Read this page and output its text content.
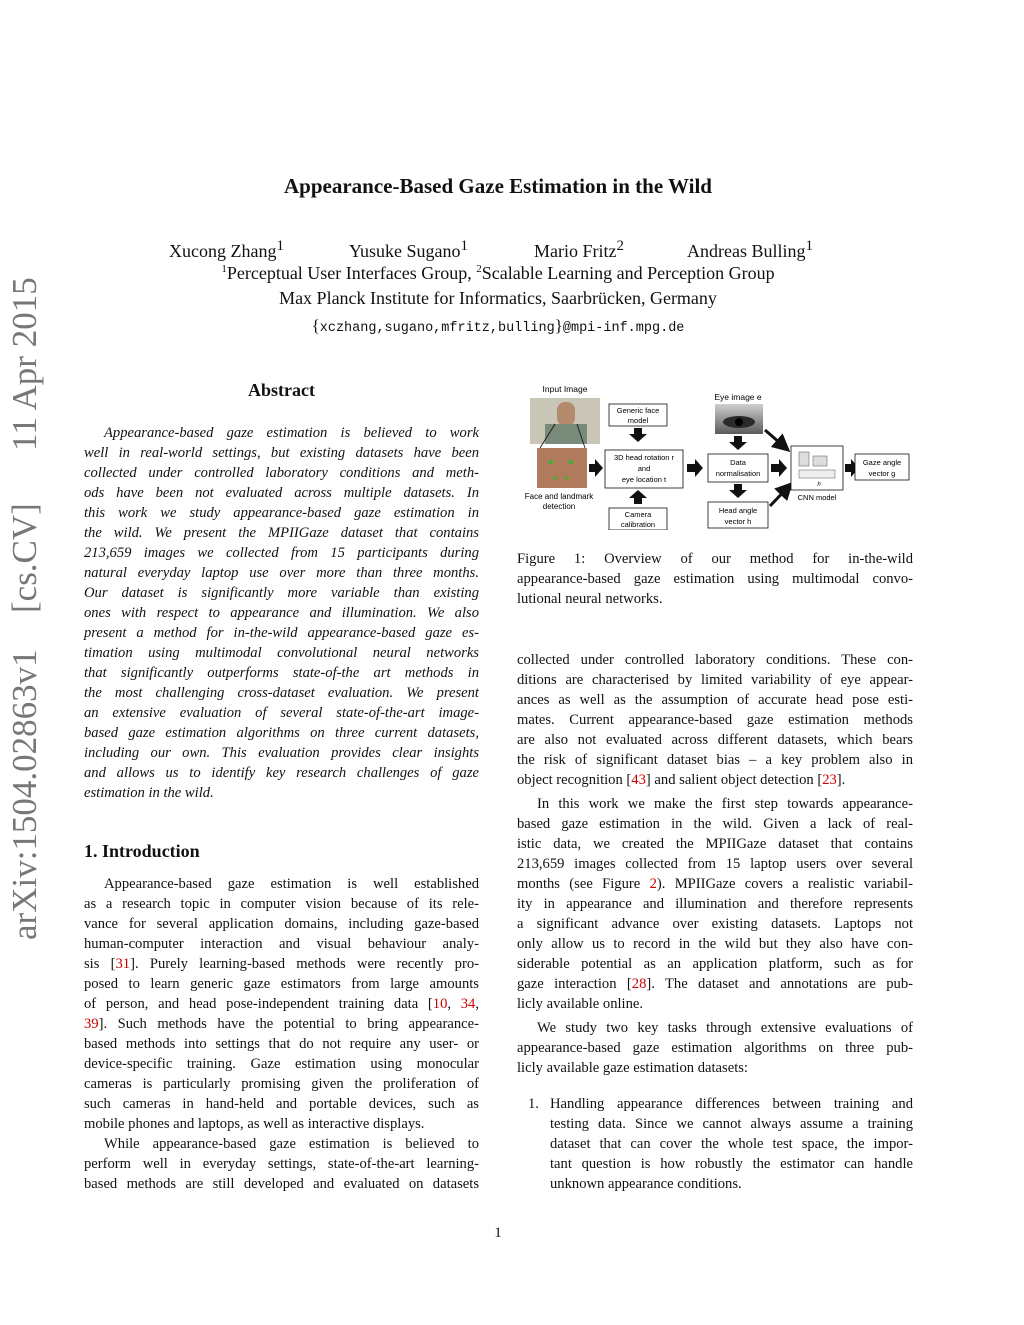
Appearance-Based Gaze Estimation in the Wild
Xucong Zhang$^1$	Yusuke Sugano$^1$	Mario Fritz$^2$	Andreas Bulling$^1$
$^1$Perceptual User Interfaces Group, $^2$Scalable Learning and Perception Group
Max Planck Institute for Informatics, Saarbrücken, Germany
{xczhang,sugano,mfritz,bulling}@mpi-inf.mpg.de
arXiv:1504.02863v1
[cs.CV]
11 Apr 2015	Abstract
Appearance-based gaze estimation is believed to work
well in real-world settings, but existing datasets have been
collected under controlled laboratory conditions and meth-
ods have been not evaluated across multiple datasets. In
this work we study appearance-based gaze estimation in
the wild. We present the MPIIGaze dataset that contains
213,659 images we collected from 15 participants during
natural everyday laptop use over more than three months.
Our dataset is significantly more variable than existing
ones with respect to appearance and illumination. We also
present a method for in-the-wild appearance-based gaze es-
timation using multimodal convolutional neural networks
that significantly outperforms state-of-the art methods in
the most challenging cross-dataset evaluation. We present
an extensive evaluation of several state-of-the-art image-
based gaze estimation algorithms on three current datasets,
including our own. This evaluation provides clear insights
and allows us to identify key research challenges of gaze
estimation in the wild.
1. Introduction
Appearance-based gaze estimation is well established
as a research topic in computer vision because of its rele-
vance for several application domains, including gaze-based
human-computer interaction and visual behaviour analy-
sis [31]. Purely learning-based methods were recently pro-
posed to learn generic gaze estimators from large amounts
of person, and head pose-independent training data [10, 34,
39]. Such methods have the potential to bring appearance-
based methods into settings that do not require any user- or
device-specific training. Gaze estimation using monocular
cameras is particularly promising given the proliferation of
such cameras in hand-held and portable devices, such as
mobile phones and laptops, as well as interactive displays.
While appearance-based gaze estimation is believed to
perform well in everyday settings, state-of-the-art learning-
based methods are still developed and evaluated on datasets
Input Image
Face and landmark
detection
Generic face
model
3D head rotation r
and
eye location t
Camera
calibration
Eye image e
Data
normalisation
Head angle
vector h
h
CNN model
Gaze angle
vector g
Figure 1: Overview of our method for in-the-wild
appearance-based gaze estimation using multimodal convo-
lutional neural networks.
collected under controlled laboratory conditions. These con-
ditions are characterised by limited variability of eye appear-
ances as well as the assumption of accurate head pose esti-
mates. Current appearance-based gaze estimation methods
are also not evaluated across different datasets, which bears
the risk of significant dataset bias – a key problem also in
object recognition [43] and salient object detection [23].
In this work we make the first step towards appearance-
based gaze estimation in the wild. Given a lack of real-
istic data, we created the MPIIGaze dataset that contains
213,659 images collected from 15 laptop users over several
months (see Figure 2). MPIIGaze covers a realistic variabil-
ity in appearance and illumination and therefore represents
a significant advance over existing datasets. Laptops not
only allow us to record in the wild but they also have con-
siderable potential as an application platform, such as for
gaze interaction [28]. The dataset and annotations are pub-
licly available online.
We study two key tasks through extensive evaluations of
appearance-based gaze estimation algorithms on three pub-
licly available gaze estimation datasets:
1. Handling appearance differences between training and
testing data. Since we cannot always assume a training
dataset that can cover the whole test space, the impor-
tant question is how robustly the estimator can handle
unknown appearance conditions.
1
